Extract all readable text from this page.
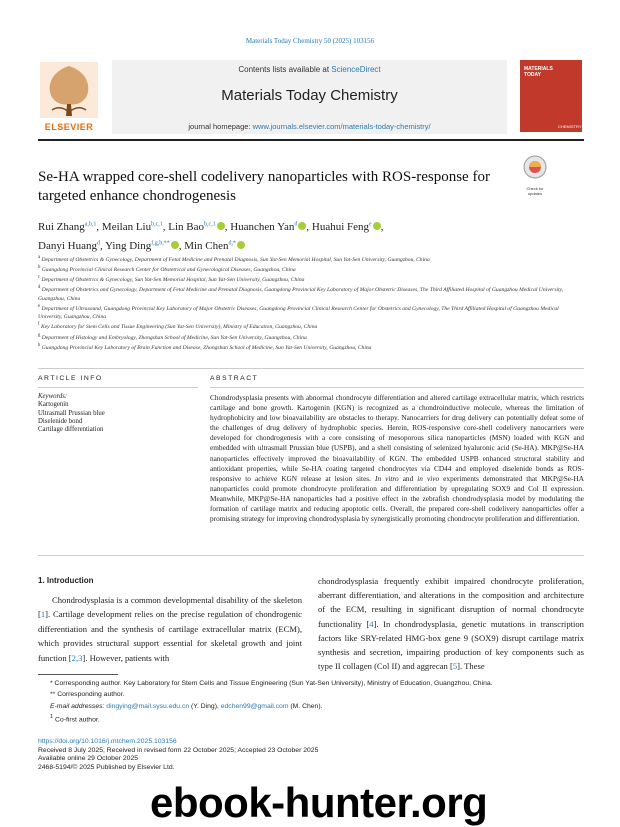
Materials Today Chemistry 50 (2025) 103156
ELSEVIER
Contents lists available at ScienceDirect
Materials Today Chemistry
journal homepage: www.journals.elsevier.com/materials-today-chemistry/
MATERIALS TODAY
CHEMISTRY
Se-HA wrapped core-shell codelivery nanoparticles with ROS-response for targeted enhance chondrogenesis	Check for updates
Rui Zhang$^{a,b,1}$, Meilan Liu$^{b,c,1}$, Lin Bao$^{b,c,1}$ , Huanchen Yan$^d$ , Huahui Feng$^e$ ,
Danyi Huang$^d$, Ying Ding$^{f,g,b,**}$ , Min Chen$^{d,*}$
$^a$ Department of Obstetrics & Gynecology, Department of Fetal Medicine and Prenatal Diagnosis, Sun Yat-Sen Memorial Hospital, Sun Yat-Sen University, Guangzhou, China
$^b$ Guangdong Provincial Clinical Research Center for Obstetrical and Gynecological Diseases, Guangzhou, China
$^c$ Department of Obstetrics & Gynecology, Sun Yat-Sen Memorial Hospital, Sun Yat-Sen University, Guangzhou, China
$^d$ Department of Obstetrics and Gynecology, Department of Fetal Medicine and Prenatal Diagnosis, Guangdong Provincial Key Laboratory of Major Obstetric Diseases, The Third Affiliated Hospital of Guangzhou Medical University, Guangzhou, China
$^e$ Department of Ultrasound, Guangdong Provincial Key Laboratory of Major Obstetric Diseases, Guangdong Provincial Clinical Research Center for Obstetrics and Gynecology, The Third Affiliated Hospital of Guangzhou Medical University, Guangzhou, China
$^f$ Key Laboratory for Stem Cells and Tissue Engineering (Sun Yat-Sen University), Ministry of Education, Guangzhou, China
$^g$ Department of Histology and Embryology, Zhongshan School of Medicine, Sun Yat-Sen University, Guangzhou, China
$^h$ Guangdong Provincial Key Laboratory of Brain Function and Disease, Zhongshan School of Medicine, Sun Yat-Sen University, Guangzhou, China
ARTICLE INFO	ABSTRACT
Keywords:
Kartogenin
Ultrasmall Prussian blue
Diselenide bond
Cartilage differentiation
Chondrodysplasia presents with abnormal chondrocyte differentiation and altered cartilage extracellular matrix, which restricts cartilage and bone growth. Kartogenin (KGN) is recognized as a chondroinductive molecule, whereas the limitation of hydrophobicity and low bioavailability are obstacles to therapy. Nanocarriers for drug delivery can potentially defeat some of the challenges of drug delivery of hydrophobic species. Herein, ROS-responsive core-shell codelivery nanocarriers were developed for chondrogenesis with a core consisting of mesoporous silica nanoparticles (MSN) loaded with KGN and embedded with ultrasmall Prussian blue (USPB), and a shell consisting of selenized hyaluronic acid (Se-HA). MKP@Se-HA nanoparticles effectively improved the bioavailability of KGN. The embedded USPB enhanced structural stability and antioxidant properties, while Se-HA coating targeted chondrocytes via CD44 and employed diselenide bonds as ROS-responsive to achieve KGN release at lesion sites. In vitro and in vivo experiments demonstrated that MKP@Se-HA nanoparticles could promote chondrocyte proliferation and differentiation by upregulating SOX9 and Col II expression. Meanwhile, MKP@Se-HA nanoparticles had a positive effect in the zebrafish chondrodysplasia model by modulating the formation of cartilage matrix and reducing apoptotic cells. Overall, the prepared core-shell codelivery nanoparticles offer a promising strategy for improving chondrodysplasia by synergistically promoting chondrocyte proliferation and differentiation.
1. Introduction
Chondrodysplasia is a common developmental disability of the skeleton [1]. Cartilage development relies on the precise regulation of chondrogenic differentiation and the synthesis of cartilage extracellular matrix (ECM), which provides structural support essential for skeletal growth and joint function [2,3]. However, patients with
chondrodysplasia frequently exhibit impaired chondrocyte proliferation, aberrant differentiation, and alterations in the composition and architecture of the ECM, resulting in significant disruption of normal chondrocyte functionality [4]. In chondrodysplasia, genetic mutations in transcription factors like SRY-related HMG-box gene 9 (SOX9) disrupt cartilage matrix synthesis and secretion, impairing production of key components such as type II collagen (Col II) and aggrecan [5]. These
* Corresponding author. Key Laboratory for Stem Cells and Tissue Engineering (Sun Yat-Sen University), Ministry of Education, Guangzhou, China.
** Corresponding author.
E-mail addresses: dingying@mail.sysu.edu.cn (Y. Ding), edchen99@gmail.com (M. Chen).
$^1$ Co-first author.
https://doi.org/10.1016/j.mtchem.2025.103156
Received 8 July 2025; Received in revised form 22 October 2025; Accepted 23 October 2025
Available online 29 October 2025
2468-5194/© 2025 Published by Elsevier Ltd.
ebook-hunter.org
